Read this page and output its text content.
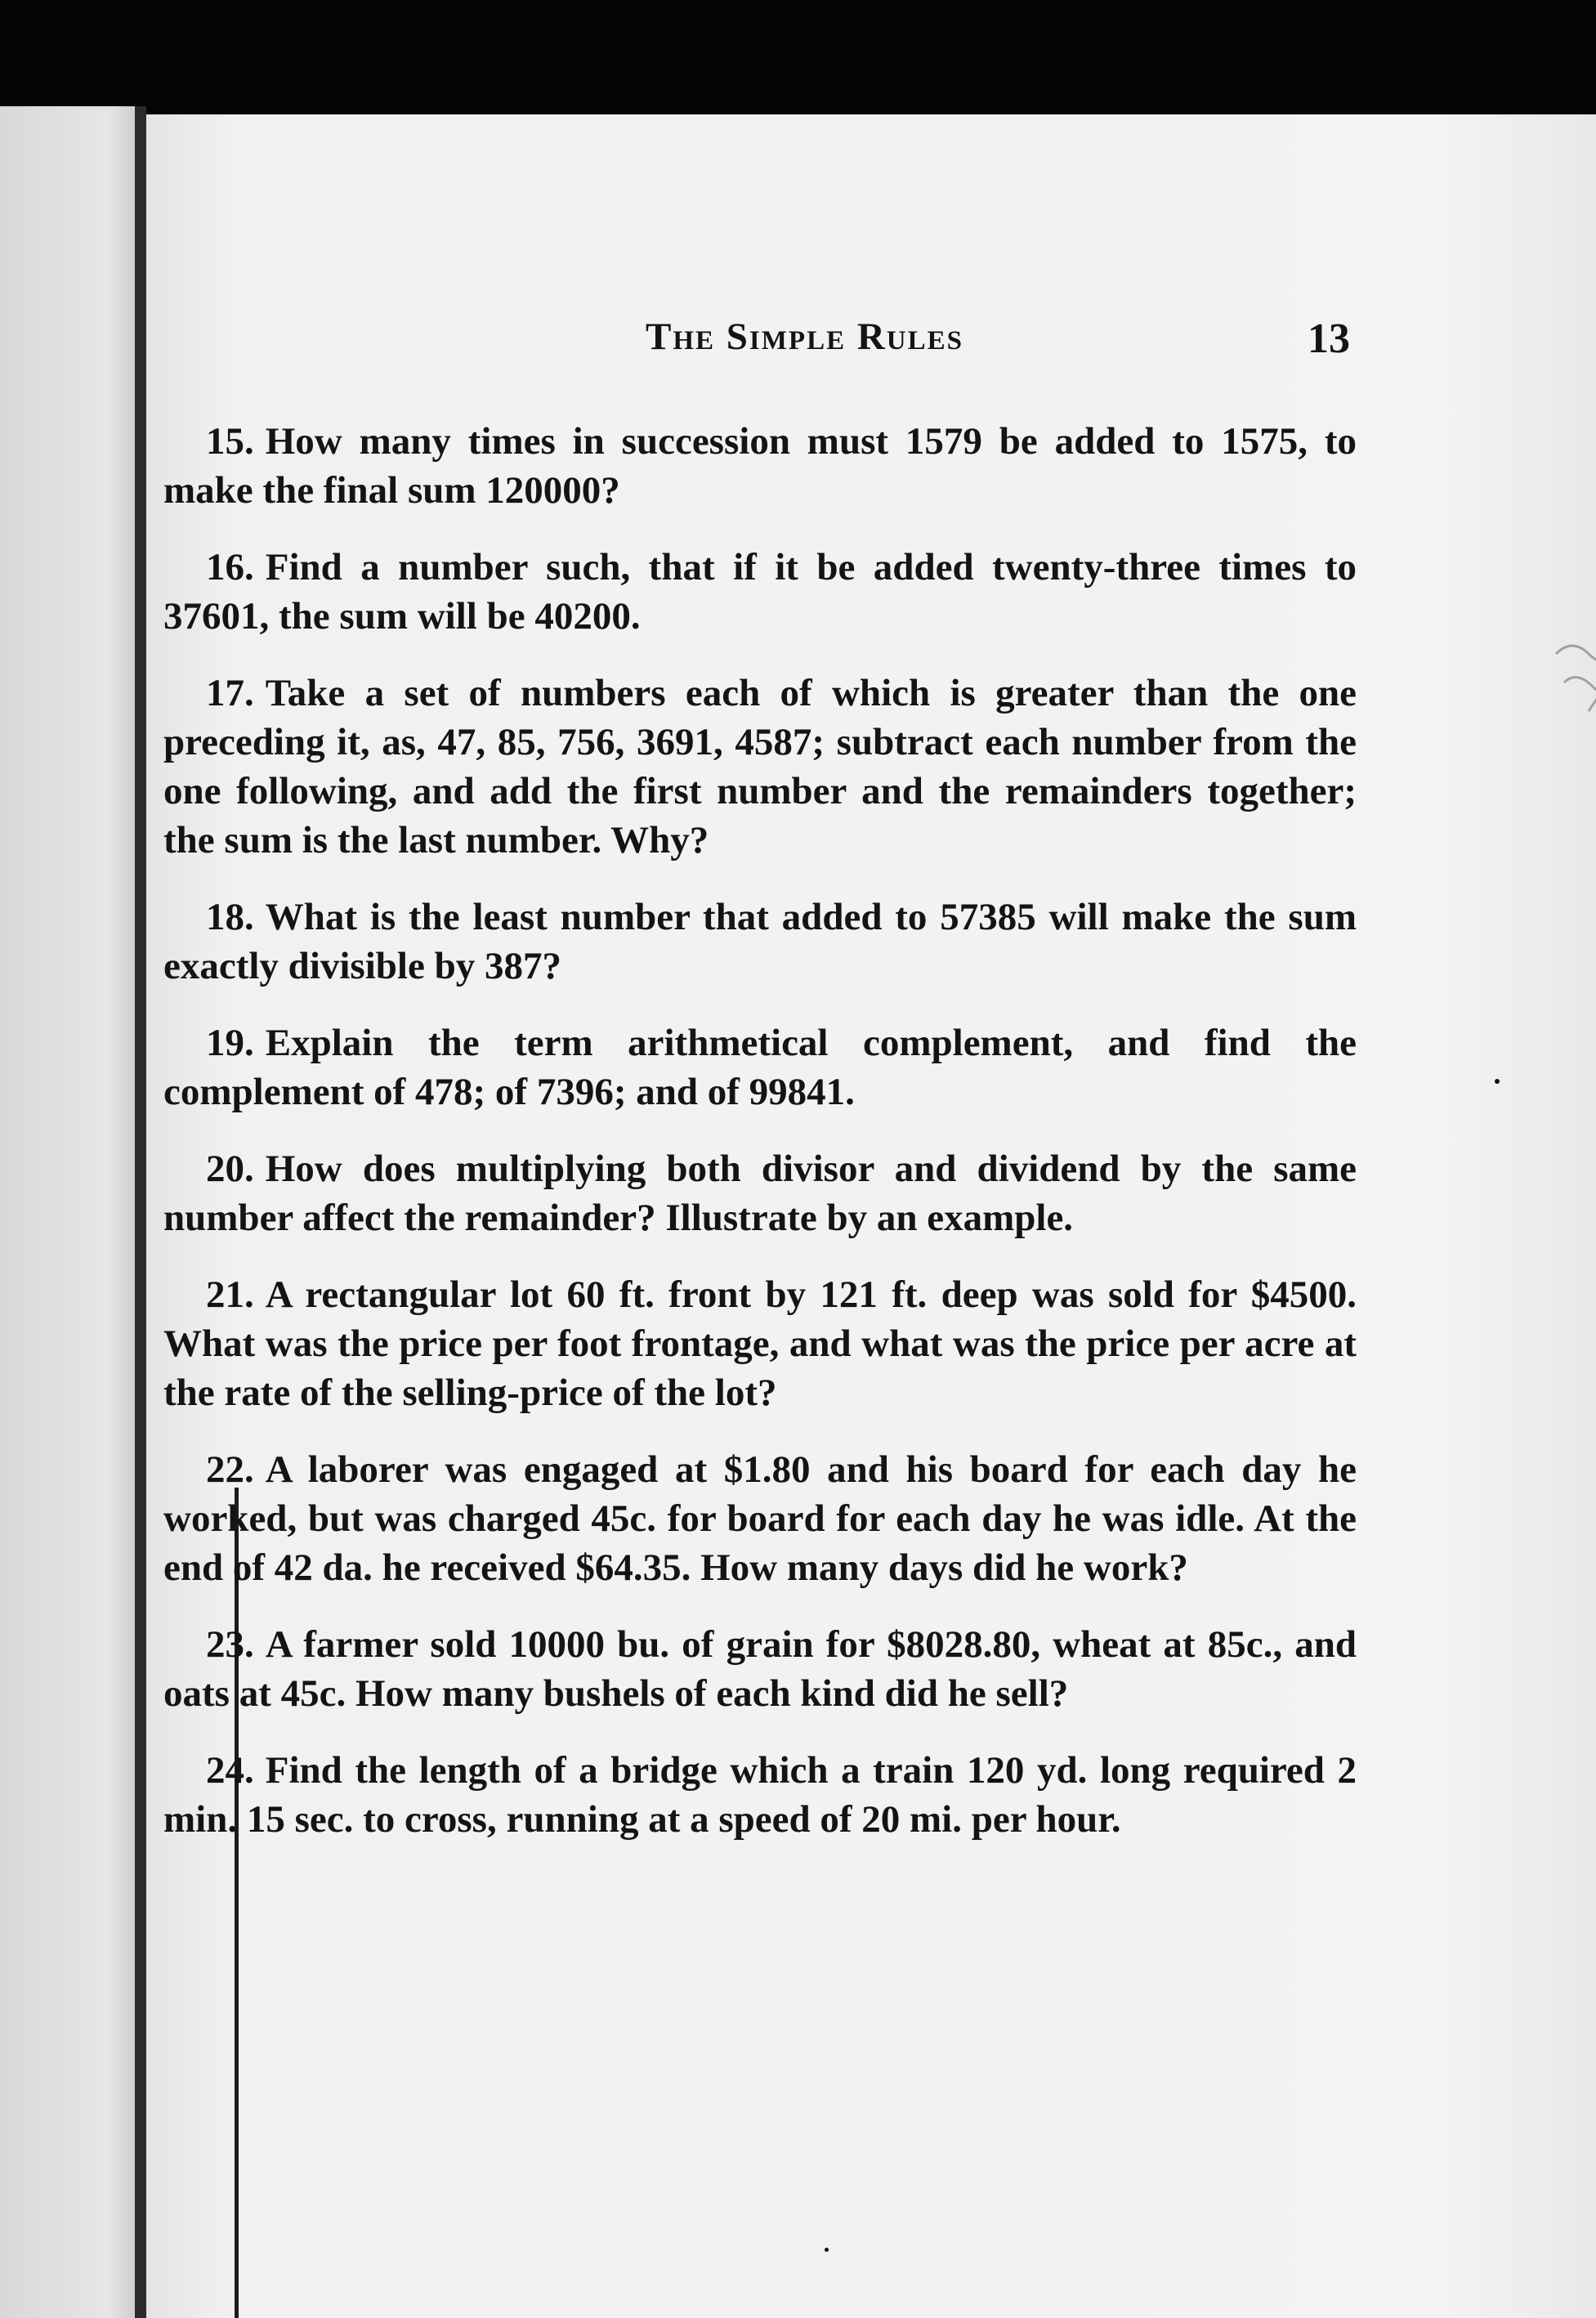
The Simple Rules	13

15. How many times in succession must 1579 be added to 1575, to make the final sum 120000?

16. Find a number such, that if it be added twenty-three times to 37601, the sum will be 40200.

17. Take a set of numbers each of which is greater than the one preceding it, as, 47, 85, 756, 3691, 4587; subtract each number from the one following, and add the first number and the remainders together; the sum is the last number. Why?

18. What is the least number that added to 57385 will make the sum exactly divisible by 387?

19. Explain the term arithmetical complement, and find the complement of 478; of 7396; and of 99841.

20. How does multiplying both divisor and dividend by the same number affect the remainder? Illustrate by an example.

21. A rectangular lot 60 ft. front by 121 ft. deep was sold for $4500. What was the price per foot frontage, and what was the price per acre at the rate of the selling-price of the lot?

22. A laborer was engaged at $1.80 and his board for each day he worked, but was charged 45c. for board for each day he was idle. At the end of 42 da. he received $64.35. How many days did he work?

23. A farmer sold 10000 bu. of grain for $8028.80, wheat at 85c., and oats at 45c. How many bushels of each kind did he sell?

24. Find the length of a bridge which a train 120 yd. long required 2 min. 15 sec. to cross, running at a speed of 20 mi. per hour.
